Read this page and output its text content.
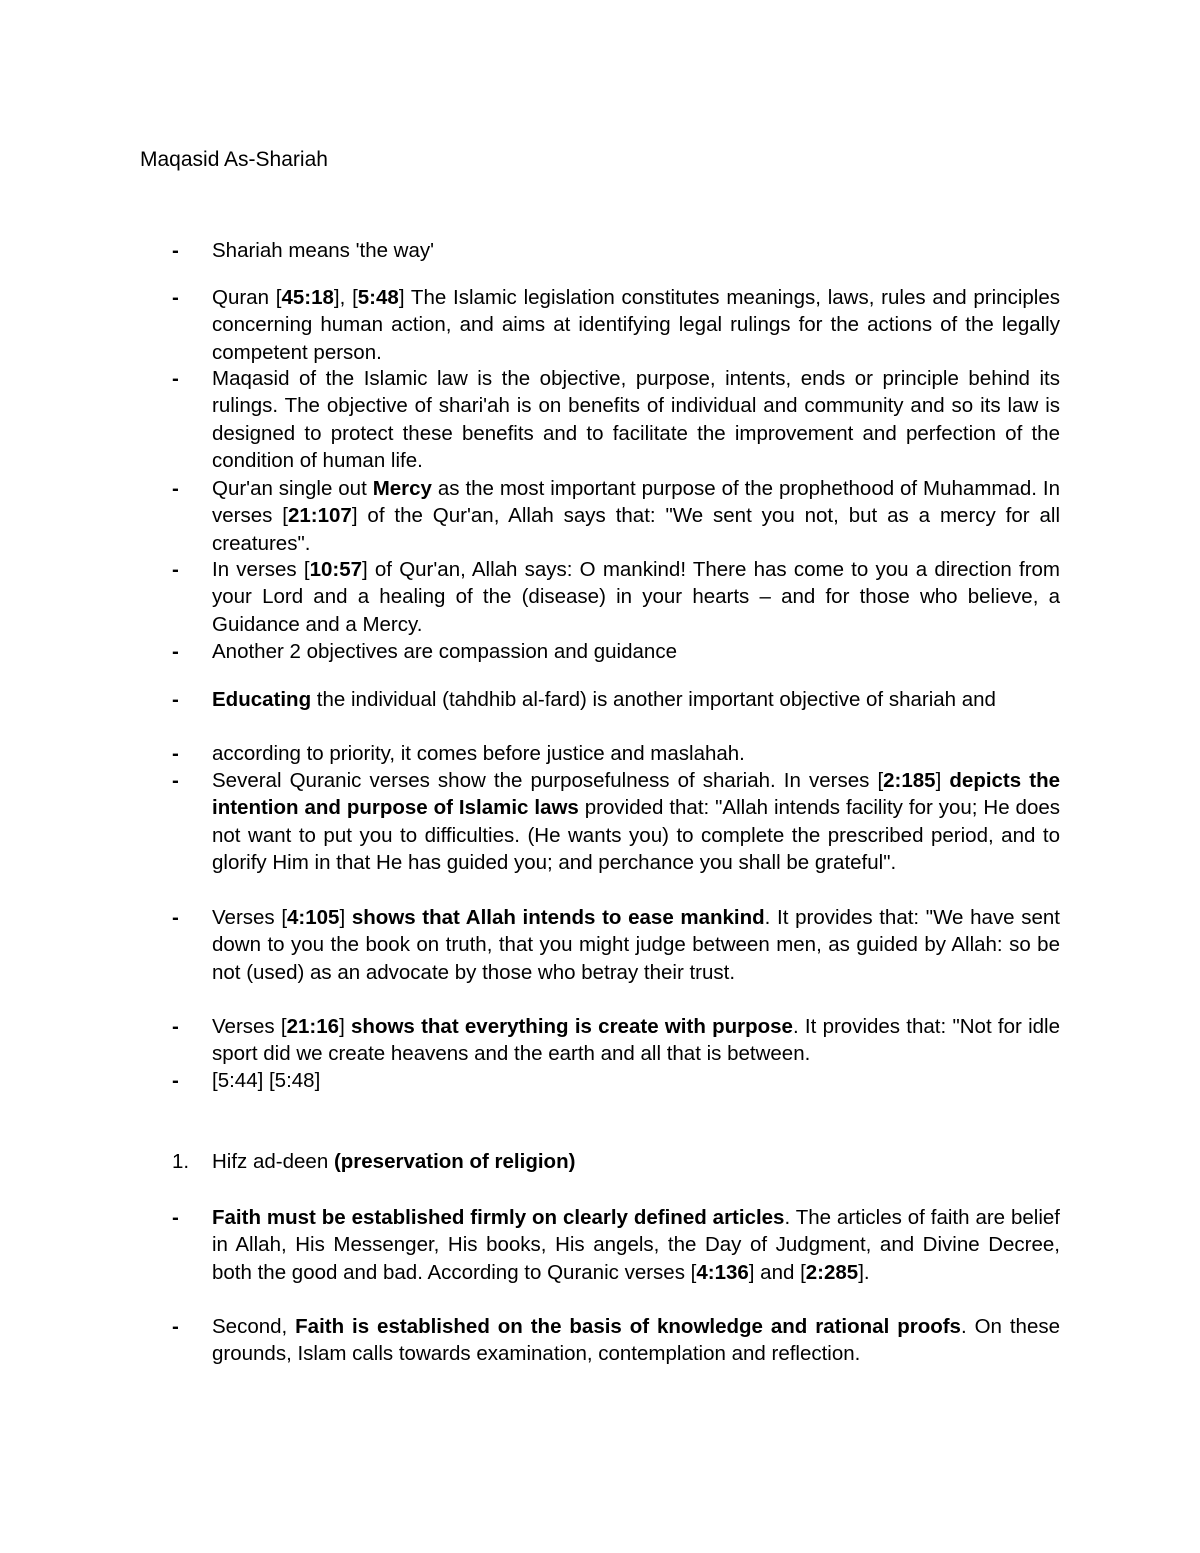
Maqasid As-Shariah
-	Shariah means 'the way'
-	Quran [45:18], [5:48] The Islamic legislation constitutes meanings, laws, rules and principles concerning human action, and aims at identifying legal rulings for the actions of the legally competent person.
-	Maqasid of the Islamic law is the objective, purpose, intents, ends or principle behind its rulings. The objective of shari'ah is on benefits of individual and community and so its law is designed to protect these benefits and to facilitate the improvement and perfection of the condition of human life.
-	Qur'an single out Mercy as the most important purpose of the prophethood of Muhammad. In verses [21:107] of the Qur'an, Allah says that: "We sent you not, but as a mercy for all creatures".
-	In verses [10:57] of Qur'an, Allah says: O mankind! There has come to you a direction from your Lord and a healing of the (disease) in your hearts – and for those who believe, a Guidance and a Mercy.
-	Another 2 objectives are compassion and guidance
-	Educating the individual (tahdhib al-fard) is another important objective of shariah and
-	according to priority, it comes before justice and maslahah.
-	Several Quranic verses show the purposefulness of shariah. In verses [2:185] depicts the intention and purpose of Islamic laws provided that: "Allah intends facility for you; He does not want to put you to difficulties. (He wants you) to complete the prescribed period, and to glorify Him in that He has guided you; and perchance you shall be grateful".
-	Verses [4:105] shows that Allah intends to ease mankind. It provides that: "We have sent down to you the book on truth, that you might judge between men, as guided by Allah: so be not (used) as an advocate by those who betray their trust.
-	Verses [21:16] shows that everything is create with purpose. It provides that: "Not for idle sport did we create heavens and the earth and all that is between.
-	[5:44] [5:48]
1.	Hifz ad-deen (preservation of religion)
-	Faith must be established firmly on clearly defined articles. The articles of faith are belief in Allah, His Messenger, His books, His angels, the Day of Judgment, and Divine Decree, both the good and bad. According to Quranic verses [4:136] and [2:285].
-	Second, Faith is established on the basis of knowledge and rational proofs. On these grounds, Islam calls towards examination, contemplation and reflection.
